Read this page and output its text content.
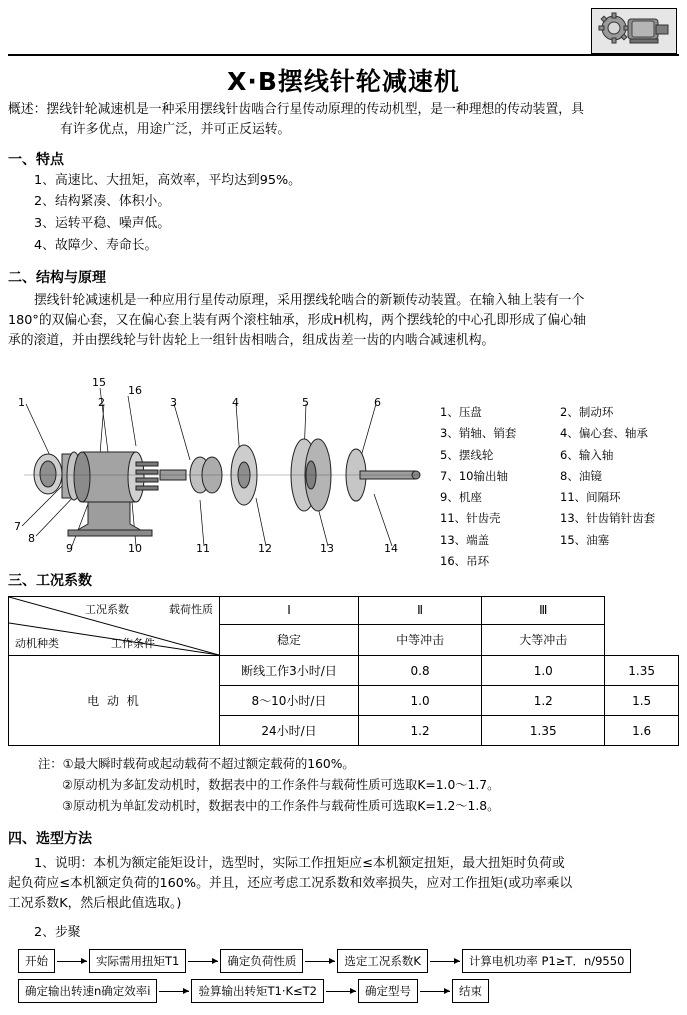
X·B摆线针轮减速机
概述：摆线针轮减速机是一种采用摆线针齿啮合行星传动原理的传动机型，是一种理想的传动装置，具
有许多优点，用途广泛，并可正反运转。
一、特点
1、高速比、大扭矩，高效率，平均达到95%。
2、结构紧凑、体积小。
3、运转平稳、噪声低。
4、故障少、寿命长。
二、结构与原理
摆线针轮减速机是一种应用行星传动原理，采用摆线轮啮合的新颖传动装置。在输入轴上装有一个
180°的双偏心套，又在偏心套上装有两个滚柱轴承，形成H机构，两个摆线轮的中心孔即形成了偏心轴
承的滚道，并由摆线轮与针齿轮上一组针齿相啮合，组成齿差一齿的内啮合减速机构。
15
16
1	2	3	4	5	6
7
8
9	10	11	12	13	14
1、压盘	2、制动环
3、销轴、销套	4、偏心套、轴承
5、摆线轮	6、输入轴
7、10输出轴	8、油镜
9、机座	11、间隔环
11、针齿壳	13、针齿销针齿套
13、端盖	15、油塞
16、吊环
三、工况系数
载荷性质
工作条件
动机种类
工况系数	Ⅰ	Ⅱ	Ⅲ	
	稳定	中等冲击	大等冲击	
电 动 机	断线工作3小时/日	0.8	1.0	1.35
	8～10小时/日	1.0	1.2	1.5
	24小时/日	1.2	1.35	1.6
注：①最大瞬时载荷或起动载荷不超过额定载荷的160%。
②原动机为多缸发动机时，数据表中的工作条件与载荷性质可选取K=1.0～1.7。
③原动机为单缸发动机时，数据表中的工作条件与载荷性质可选取K=1.2～1.8。
四、选型方法
1、说明：本机为额定能矩设计，选型时，实际工作扭矩应≤本机额定扭矩，最大扭矩时负荷或
起负荷应≤本机额定负荷的160%。并且，还应考虑工况系数和效率损失，应对工作扭矩(或功率乘以
工况系数K，然后根此值选取。)
2、步聚
开始	实际需用扭矩T1	确定负荷性质	选定工况系数K	计算电机功率 P1≥T．n/9550
确定输出转速n确定效率i	验算输出转矩T1·K≤T2	确定型号	结束
